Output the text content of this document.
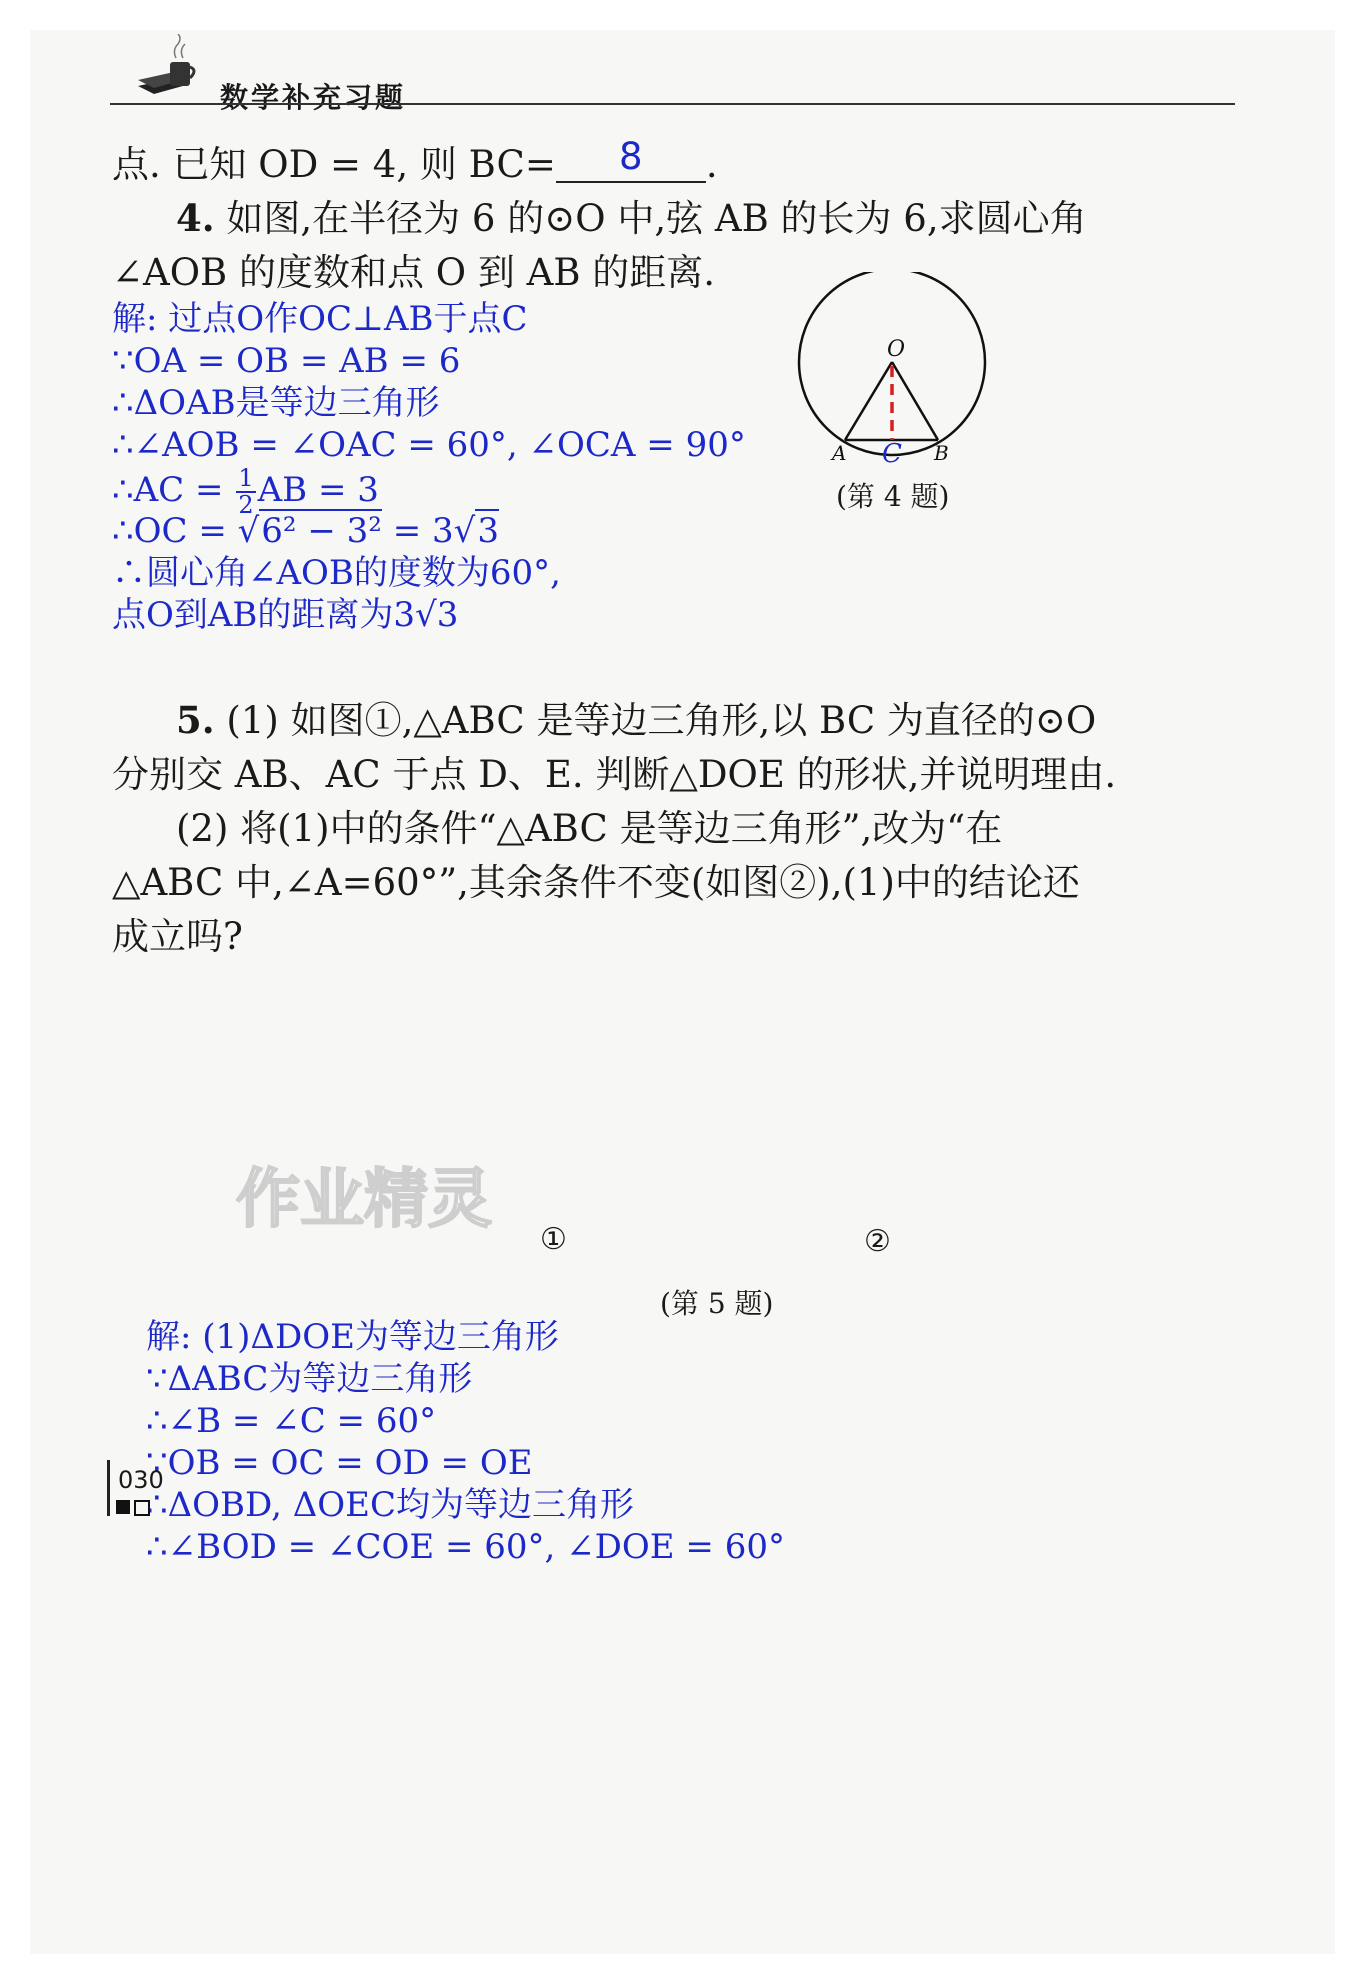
数学补充习题
点. 已知 OD = 4, 则 BC= 8 .
4. 如图,在半径为 6 的⊙O 中,弦 AB 的长为 6,求圆心角
∠AOB 的度数和点 O 到 AB 的距离.
O
A	B
C
(第 4 题)
解: 过点O作OC⊥AB于点C
∵OA = OB = AB = 6
∴ΔOAB是等边三角形
∴∠AOB = ∠OAC = 60°, ∠OCA = 90°
∴AC = $\frac{1}{2}AB = 3$
∴OC = √6² − 3² = 3√3
∴圆心角∠AOB的度数为60°,
点O到AB的距离为3√3
5. (1) 如图①,△ABC 是等边三角形,以 BC 为直径的⊙O
分别交 AB、AC 于点 D、E. 判断△DOE 的形状,并说明理由.
(2) 将(1)中的条件“△ABC 是等边三角形”,改为“在
△ABC 中,∠A=60°”,其余条件不变(如图②),(1)中的结论还
成立吗?
作业精灵
①	②
(第 5 题)
解: (1)ΔDOE为等边三角形
∵ΔABC为等边三角形
∴∠B = ∠C = 60°
∵OB = OC = OD = OE
∴ΔOBD, ΔOEC均为等边三角形
∴∠BOD = ∠COE = 60°, ∠DOE = 60°
030
